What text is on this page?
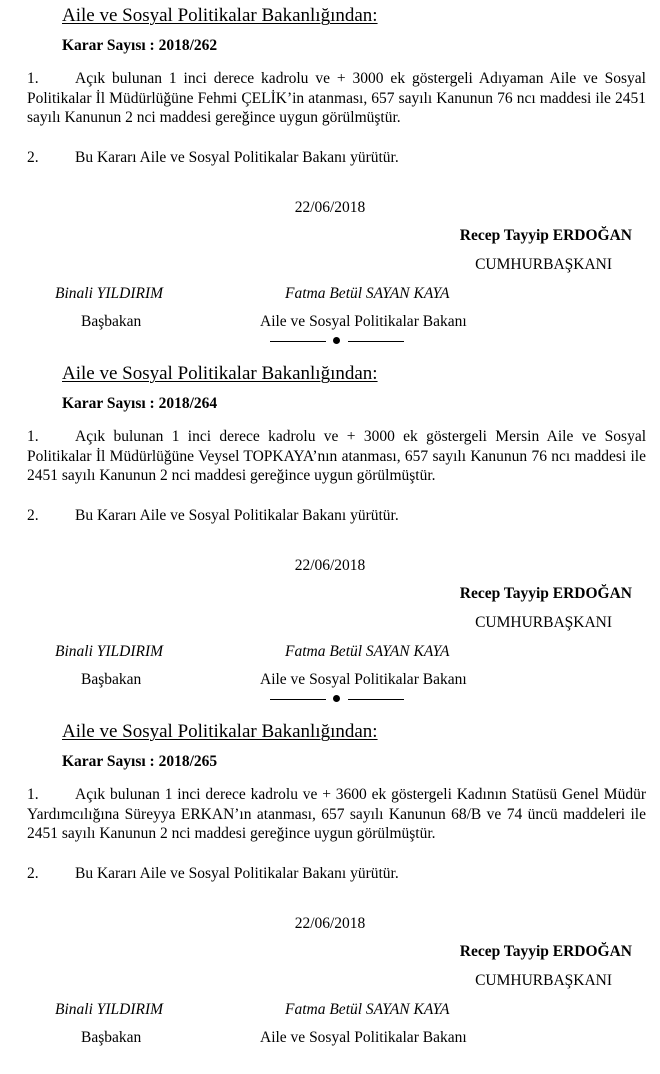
Aile ve Sosyal Politikalar Bakanlığından:
Karar Sayısı : 2018/262
1.	Açık bulunan 1 inci derece kadrolu ve + 3000 ek göstergeli Adıyaman Aile ve Sosyal Politikalar İl Müdürlüğüne Fehmi ÇELİK’in atanması, 657 sayılı Kanunun 76 ncı maddesi ile 2451 sayılı Kanunun 2 nci maddesi gereğince uygun görülmüştür.
2.	Bu Kararı Aile ve Sosyal Politikalar Bakanı yürütür.
22/06/2018
Recep Tayyip ERDOĞAN
CUMHURBAŞKANI
Binali YILDIRIM
Başbakan
Fatma Betül SAYAN KAYA
Aile ve Sosyal Politikalar Bakanı
Aile ve Sosyal Politikalar Bakanlığından:
Karar Sayısı : 2018/264
1.	Açık bulunan 1 inci derece kadrolu ve + 3000 ek göstergeli Mersin Aile ve Sosyal Politikalar İl Müdürlüğüne Veysel TOPKAYA’nın atanması, 657 sayılı Kanunun 76 ncı maddesi ile 2451 sayılı Kanunun 2 nci maddesi gereğince uygun görülmüştür.
2.	Bu Kararı Aile ve Sosyal Politikalar Bakanı yürütür.
22/06/2018
Recep Tayyip ERDOĞAN
CUMHURBAŞKANI
Binali YILDIRIM
Başbakan
Fatma Betül SAYAN KAYA
Aile ve Sosyal Politikalar Bakanı
Aile ve Sosyal Politikalar Bakanlığından:
Karar Sayısı : 2018/265
1.	Açık bulunan 1 inci derece kadrolu ve + 3600 ek göstergeli Kadının Statüsü Genel Müdür Yardımcılığına Süreyya ERKAN’ın atanması, 657 sayılı Kanunun 68/B ve 74 üncü maddeleri ile 2451 sayılı Kanunun 2 nci maddesi gereğince uygun görülmüştür.
2.	Bu Kararı Aile ve Sosyal Politikalar Bakanı yürütür.
22/06/2018
Recep Tayyip ERDOĞAN
CUMHURBAŞKANI
Binali YILDIRIM
Başbakan
Fatma Betül SAYAN KAYA
Aile ve Sosyal Politikalar Bakanı
